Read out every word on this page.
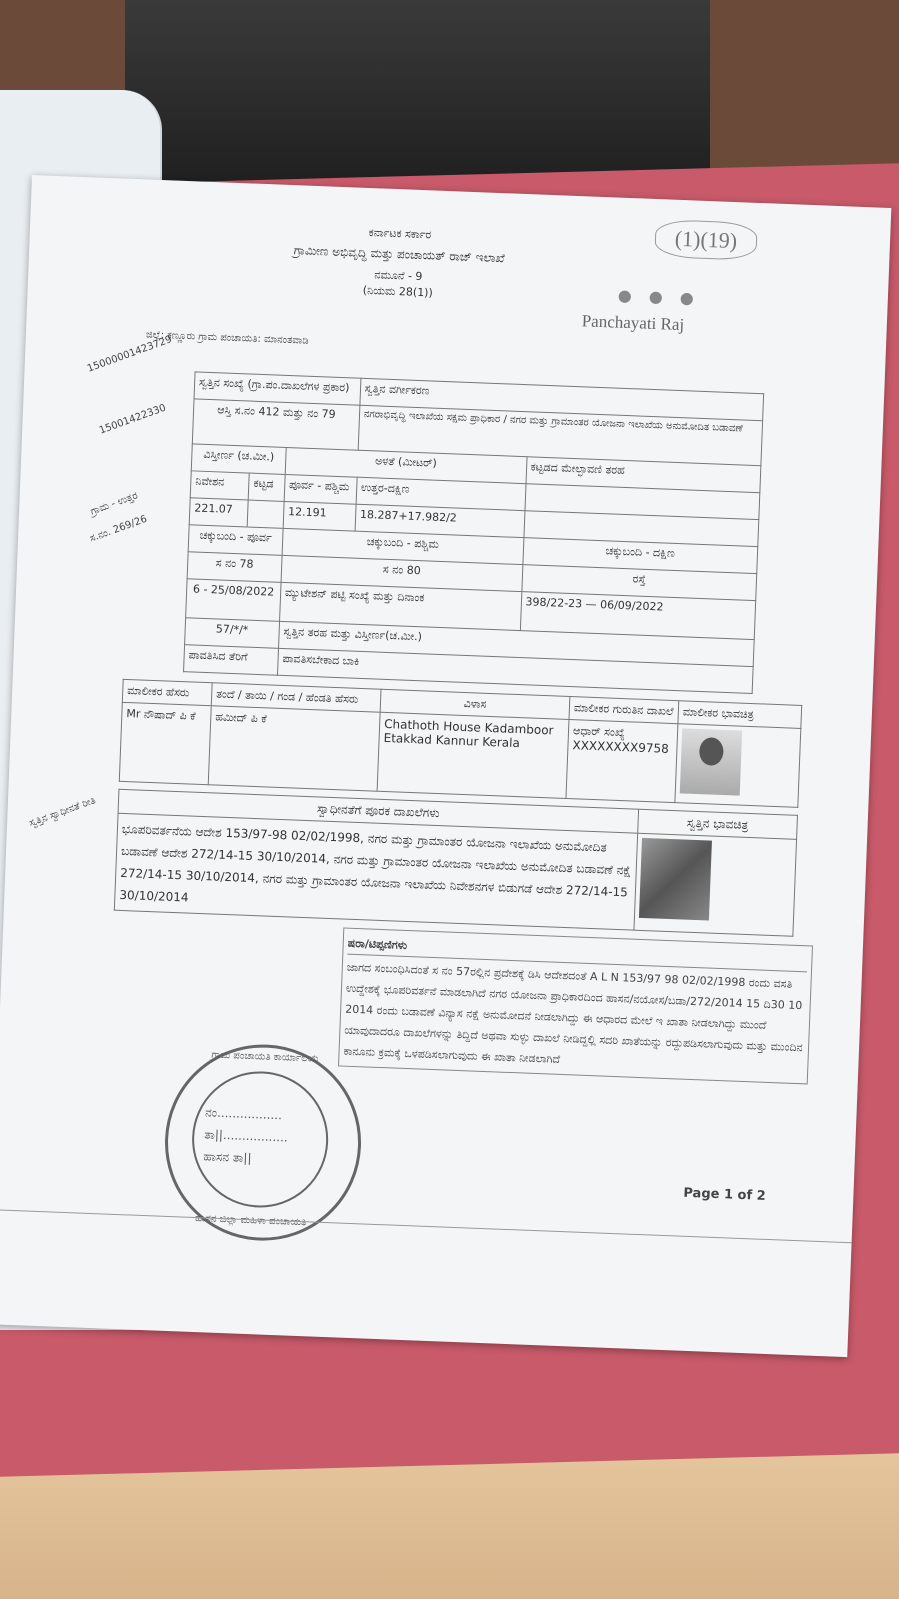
(1)(19)
ಕರ್ನಾಟಕ ಸರ್ಕಾರ
ಗ್ರಾಮೀಣ ಅಭಿವೃದ್ಧಿ ಮತ್ತು ಪಂಚಾಯತ್ ರಾಜ್ ಇಲಾಖೆ
ನಮೂನೆ - 9
(ನಿಯಮ 28(1))	● ● ●
Panchayati Raj
ಜಿಲ್ಲೆ: ಕಣ್ಣೂರು ಗ್ರಾಮ ಪಂಚಾಯತಿ: ಮಾನಂತವಾಡಿ
15000001423729
15001422330
ಗ್ರಾಮ - ಉತ್ತರ
ಸ.ನಂ. 269/26
ಸ್ವತ್ತಿನ ಸಂಖ್ಯೆ (ಗ್ರಾ.ಪಂ.ದಾಖಲೆಗಳ ಪ್ರಕಾರ)			ಸ್ವತ್ತಿನ ವರ್ಗೀಕರಣ	
ಆಸ್ತಿ ಸ.ನಂ 412 ಮತ್ತು ನಂ 79			ನಗರಾಭಿವೃದ್ಧಿ ಇಲಾಖೆಯ ಸಕ್ಷಮ ಪ್ರಾಧಿಕಾರ / ನಗರ ಮತ್ತು ಗ್ರಾಮಾಂತರ ಯೋಜನಾ ಇಲಾಖೆಯ ಅನುಮೋದಿತ ಬಡಾವಣೆ	
ವಿಸ್ತೀರ್ಣ (ಚ.ಮೀ.)		ಅಳತೆ (ಮೀಟರ್)		ಕಟ್ಟಡದ ಮೇಲ್ಛಾವಣಿ ತರಹ
ನಿವೇಶನ	ಕಟ್ಟಡ	ಪೂರ್ವ - ಪಶ್ಚಿಮ	ಉತ್ತರ-ದಕ್ಷಿಣ	
221.07		12.191	18.287+17.982/2	
ಚಕ್ಕುಬಂದಿ - ಪೂರ್ವ		ಚಕ್ಕುಬಂದಿ - ಪಶ್ಚಿಮ		ಚಕ್ಕುಬಂದಿ - ದಕ್ಷಿಣ
ಸ ನಂ 78		ಸ ನಂ 80		ರಸ್ತೆ
6 - 25/08/2022		ಮ್ಯುಟೇಶನ್ ಪಟ್ಟಿ ಸಂಖ್ಯೆ ಮತ್ತು ದಿನಾಂಕ		398/22-23 — 06/09/2022
57/*/*		ಸ್ವತ್ತಿನ ತರಹ ಮತ್ತು ವಿಸ್ತೀರ್ಣ(ಚ.ಮೀ.)		
ಪಾವತಿಸಿದ ತೆರಿಗೆ		ಪಾವತಿಸಬೇಕಾದ ಬಾಕಿ		
ಮಾಲೀಕರ ಹೆಸರು	ತಂದೆ / ತಾಯಿ / ಗಂಡ / ಹೆಂಡತಿ ಹೆಸರು	ವಿಳಾಸ	ಮಾಲೀಕರ ಗುರುತಿನ ದಾಖಲೆ	ಮಾಲೀಕರ ಭಾವಚಿತ್ರ
Mr ನೌಷಾದ್ ಪಿ ಕೆ	ಹಮೀದ್ ಪಿ ಕೆ	Chathoth House Kadamboor Etakkad Kannur Kerala	ಆಧಾರ್ ಸಂಖ್ಯೆ
XXXXXXXX9758	

ಸ್ವತ್ತಿನ ಸ್ವಾಧೀನತೆ ರೀತಿ	ಸ್ವಾಧೀನತೆಗೆ ಪೂರಕ ದಾಖಲೆಗಳು	ಸ್ವತ್ತಿನ ಭಾವಚಿತ್ರ
ಭೂಪರಿವರ್ತನೆಯ ಆದೇಶ 153/97-98 02/02/1998, ನಗರ ಮತ್ತು ಗ್ರಾಮಾಂತರ ಯೋಜನಾ ಇಲಾಖೆಯ ಅನುಮೋದಿತ ಬಡಾವಣೆ ಆದೇಶ 272/14-15 30/10/2014, ನಗರ ಮತ್ತು ಗ್ರಾಮಾಂತರ ಯೋಜನಾ ಇಲಾಖೆಯ ಅನುಮೋದಿತ ಬಡಾವಣೆ ನಕ್ಷೆ 272/14-15 30/10/2014, ನಗರ ಮತ್ತು ಗ್ರಾಮಾಂತರ ಯೋಜನಾ ಇಲಾಖೆಯ ನಿವೇಶನಗಳ ಬಿಡುಗಡೆ ಆದೇಶ 272/14-15 30/10/2014	
ಷರಾ/ಟಿಪ್ಪಣಿಗಳು
ಜಾಗದ ಸಂಬಂಧಿಸಿದಂತೆ ಸ ನಂ 57ರಲ್ಲಿನ ಪ್ರದೇಶಕ್ಕೆ ಡಿಸಿ ಆದೇಶದಂತೆ A L N 153/97 98 02/02/1998 ರಂದು ವಸತಿ ಉದ್ದೇಶಕ್ಕೆ ಭೂಪರಿವರ್ತನೆ ಮಾಡಲಾಗಿದೆ ನಗರ ಯೋಜನಾ ಪ್ರಾಧಿಕಾರದಿಂದ ಹಾಸನ/ನಯೋಸ/ಬಡಾ/272/2014 15 ದಿ30 10 2014 ರಂದು ಬಡಾವಣೆ ವಿನ್ಯಾಸ ನಕ್ಷೆ ಅನುಮೋದನೆ ನೀಡಲಾಗಿದ್ದು ಈ ಆಧಾರದ ಮೇಲೆ ಇ ಖಾತಾ ನೀಡಲಾಗಿದ್ದು ಮುಂದೆ ಯಾವುದಾದರೂ ದಾಖಲೆಗಳನ್ನು ತಿದ್ದಿದೆ ಅಥವಾ ಸುಳ್ಳು ದಾಖಲೆ ನೀಡಿದ್ದಲ್ಲಿ ಸದರಿ ಖಾತೆಯನ್ನು ರದ್ದುಪಡಿಸಲಾಗುವುದು ಮತ್ತು ಮುಂದಿನ ಕಾನೂನು ಕ್ರಮಕ್ಕೆ ಒಳಪಡಿಸಲಾಗುವುದು ಈ ಖಾತಾ ನೀಡಲಾಗಿದೆ
ಗ್ರಾಮ ಪಂಚಾಯತಿ ಕಾರ್ಯಾಲಯ
ನಂ.................
ತಾ||.................
ಹಾಸನ ತಾ||
ಹಾಸನ ಜಿಲ್ಲಾ ಮಹಿಳಾ ಪಂಚಾಯತಿ
Page 1 of 2
